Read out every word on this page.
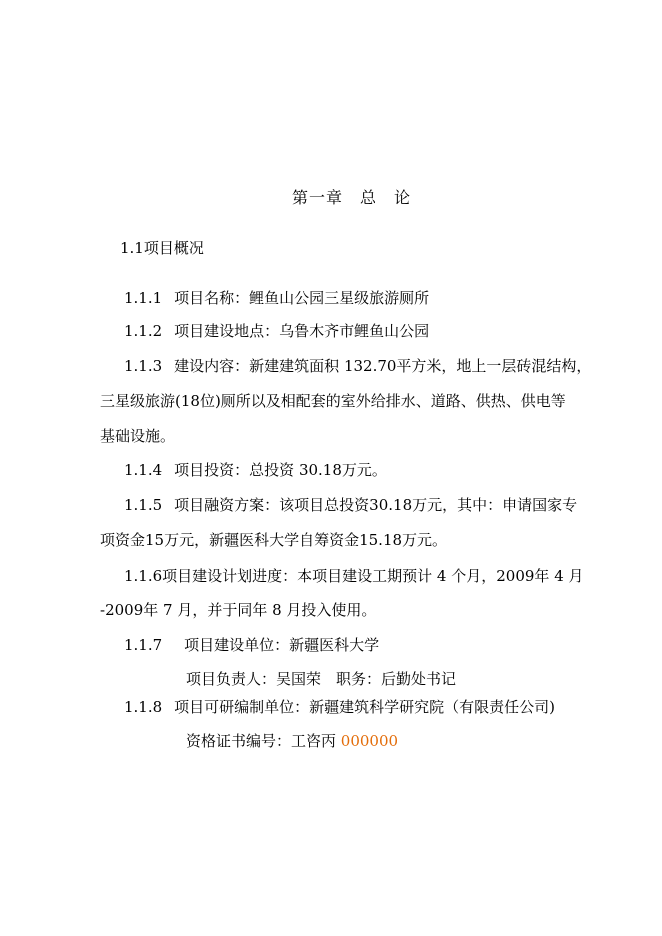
第一章　总　论
1.1项目概况
1.1.1 项目名称：鲤鱼山公园三星级旅游厕所
1.1.2 项目建设地点：乌鲁木齐市鲤鱼山公园
1.1.3 建设内容：新建建筑面积 132.70平方米，地上一层砖混结构，
三星级旅游(18位)厕所以及相配套的室外给排水、道路、供热、供电等
基础设施。
1.1.4 项目投资：总投资 30.18万元。
1.1.5 项目融资方案：该项目总投资30.18万元，其中：申请国家专
项资金15万元，新疆医科大学自筹资金15.18万元。
1.1.6项目建设计划进度：本项目建设工期预计 4 个月，2009年 4 月
-2009年 7 月，并于同年 8 月投入使用。
1.1.7 项目建设单位：新疆医科大学
项目负责人：吴国荣　职务：后勤处书记
1.1.8 项目可研编制单位：新疆建筑科学研究院（有限责任公司)
资格证书编号：工咨丙 000000
